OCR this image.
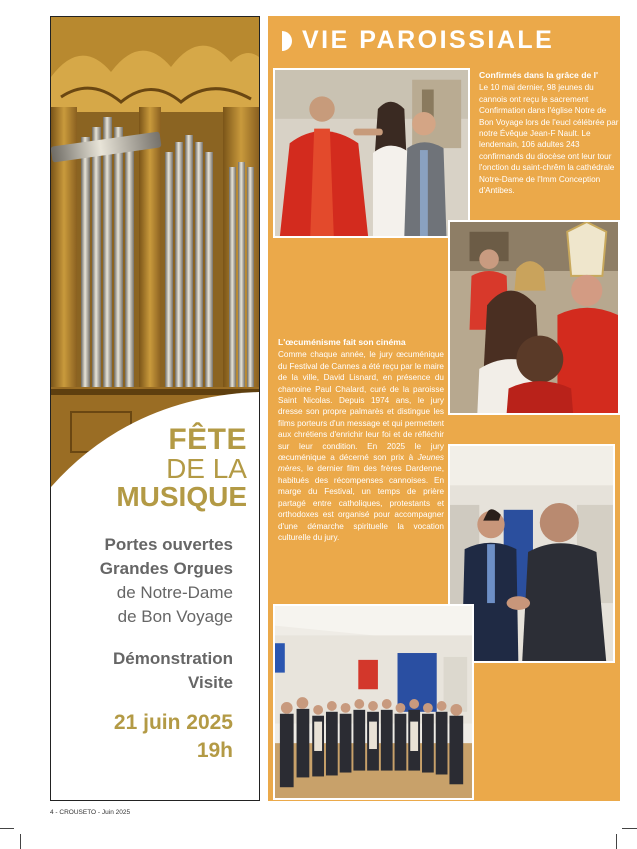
FÊTE
DE LA
MUSIQUE
Portes ouvertes
Grandes Orgues
de Notre-Dame
de Bon Voyage
Démonstration
Visite
21 juin 2025
19h
VIE PAROISSIALE
Confirmés dans la grâce de l'

Le 10 mai dernier, 98 jeunes du cannois ont reçu le sacrement Confirmation dans l'église Notre de Bon Voyage lors de l'eucl célébrée par notre Évêque Jean-F Nault. Le lendemain, 106 adultes 243 confirmands du diocèse ont leur tour l'onction du saint-chrêm la cathédrale Notre-Dame de l'Imm Conception d'Antibes.

L'œcuménisme fait son cinéma

Comme chaque année, le jury œcuménique du Festival de Cannes a été reçu par le maire de la ville, David Lisnard, en présence du chanoine Paul Chalard, curé de la paroisse Saint Nicolas. Depuis 1974 ans, le jury dresse son propre palmarès et distingue les films porteurs d'un message et qui permettent aux chrétiens d'enrichir leur foi et de réfléchir sur leur condition. En 2025 le jury œcuménique a décerné son prix à Jeunes mères, le dernier film des frères Dardenne, habitués des récompenses cannoises. En marge du Festival, un temps de prière partagé entre catholiques, protestants et orthodoxes est organisé pour accompagner d'une démarche spirituelle la vocation culturelle du jury.

4 - CROUSETO - Juin 2025
